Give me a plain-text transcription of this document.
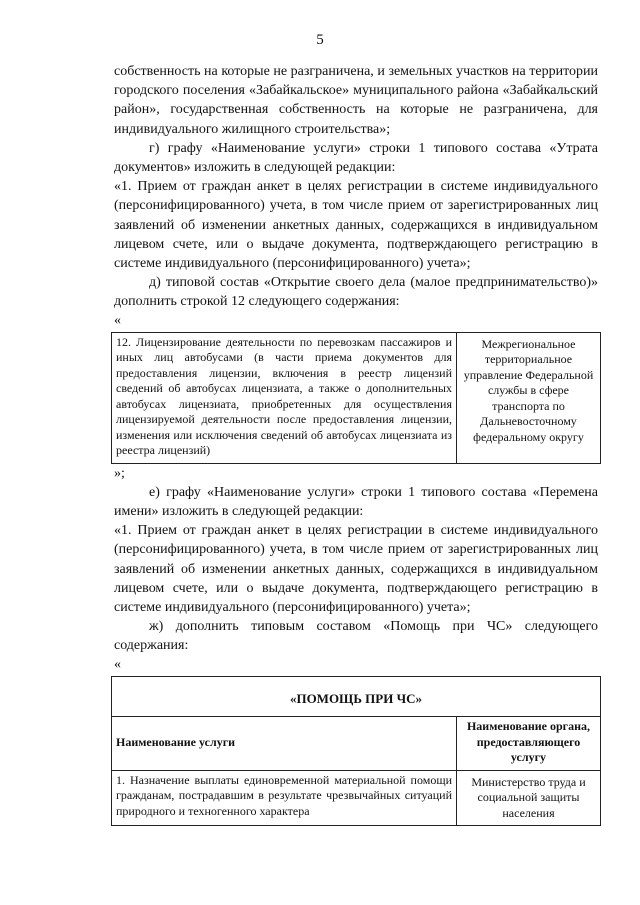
5

собственность на которые не разграничена, и земельных участков на территории городского поселения «Забайкальское» муниципального района «Забайкальский район», государственная собственность на которые не разграничена, для индивидуального жилищного строительства»;

г) графу «Наименование услуги» строки 1 типового состава «Утрата документов» изложить в следующей редакции:

«1. Прием от граждан анкет в целях регистрации в системе индивидуального (персонифицированного) учета, в том числе прием от зарегистрированных лиц заявлений об изменении анкетных данных, содержащихся в индивидуальном лицевом счете, или о выдаче документа, подтверждающего регистрацию в системе индивидуального (персонифицированного) учета»;

д) типовой состав «Открытие своего дела (малое предпринимательство)» дополнить строкой 12 следующего содержания:

«

12. Лицензирование деятельности по перевозкам пассажиров и иных лиц автобусами (в части приема документов для предоставления лицензии, включения в реестр лицензий сведений об автобусах лицензиата, а также о дополнительных автобусах лицензиата, приобретенных для осуществления лицензируемой деятельности после предоставления лицензии, изменения или исключения сведений об автобусах лицензиата из реестра лицензий)	Межрегиональное территориальное управление Федеральной службы в сфере транспорта по Дальневосточному федеральному округу

»;

е) графу «Наименование услуги» строки 1 типового состава «Перемена имени» изложить в следующей редакции:

«1. Прием от граждан анкет в целях регистрации в системе индивидуального (персонифицированного) учета, в том числе прием от зарегистрированных лиц заявлений об изменении анкетных данных, содержащихся в индивидуальном лицевом счете, или о выдаче документа, подтверждающего регистрацию в системе индивидуального (персонифицированного) учета»;

ж) дополнить типовым составом «Помощь при ЧС» следующего содержания:

«

«ПОМОЩЬ ПРИ ЧС»	
Наименование услуги	Наименование органа, предоставляющего услугу
1. Назначение выплаты единовременной материальной помощи гражданам, пострадавшим в результате чрезвычайных ситуаций природного и техногенного характера	Министерство труда и социальной защиты населения
